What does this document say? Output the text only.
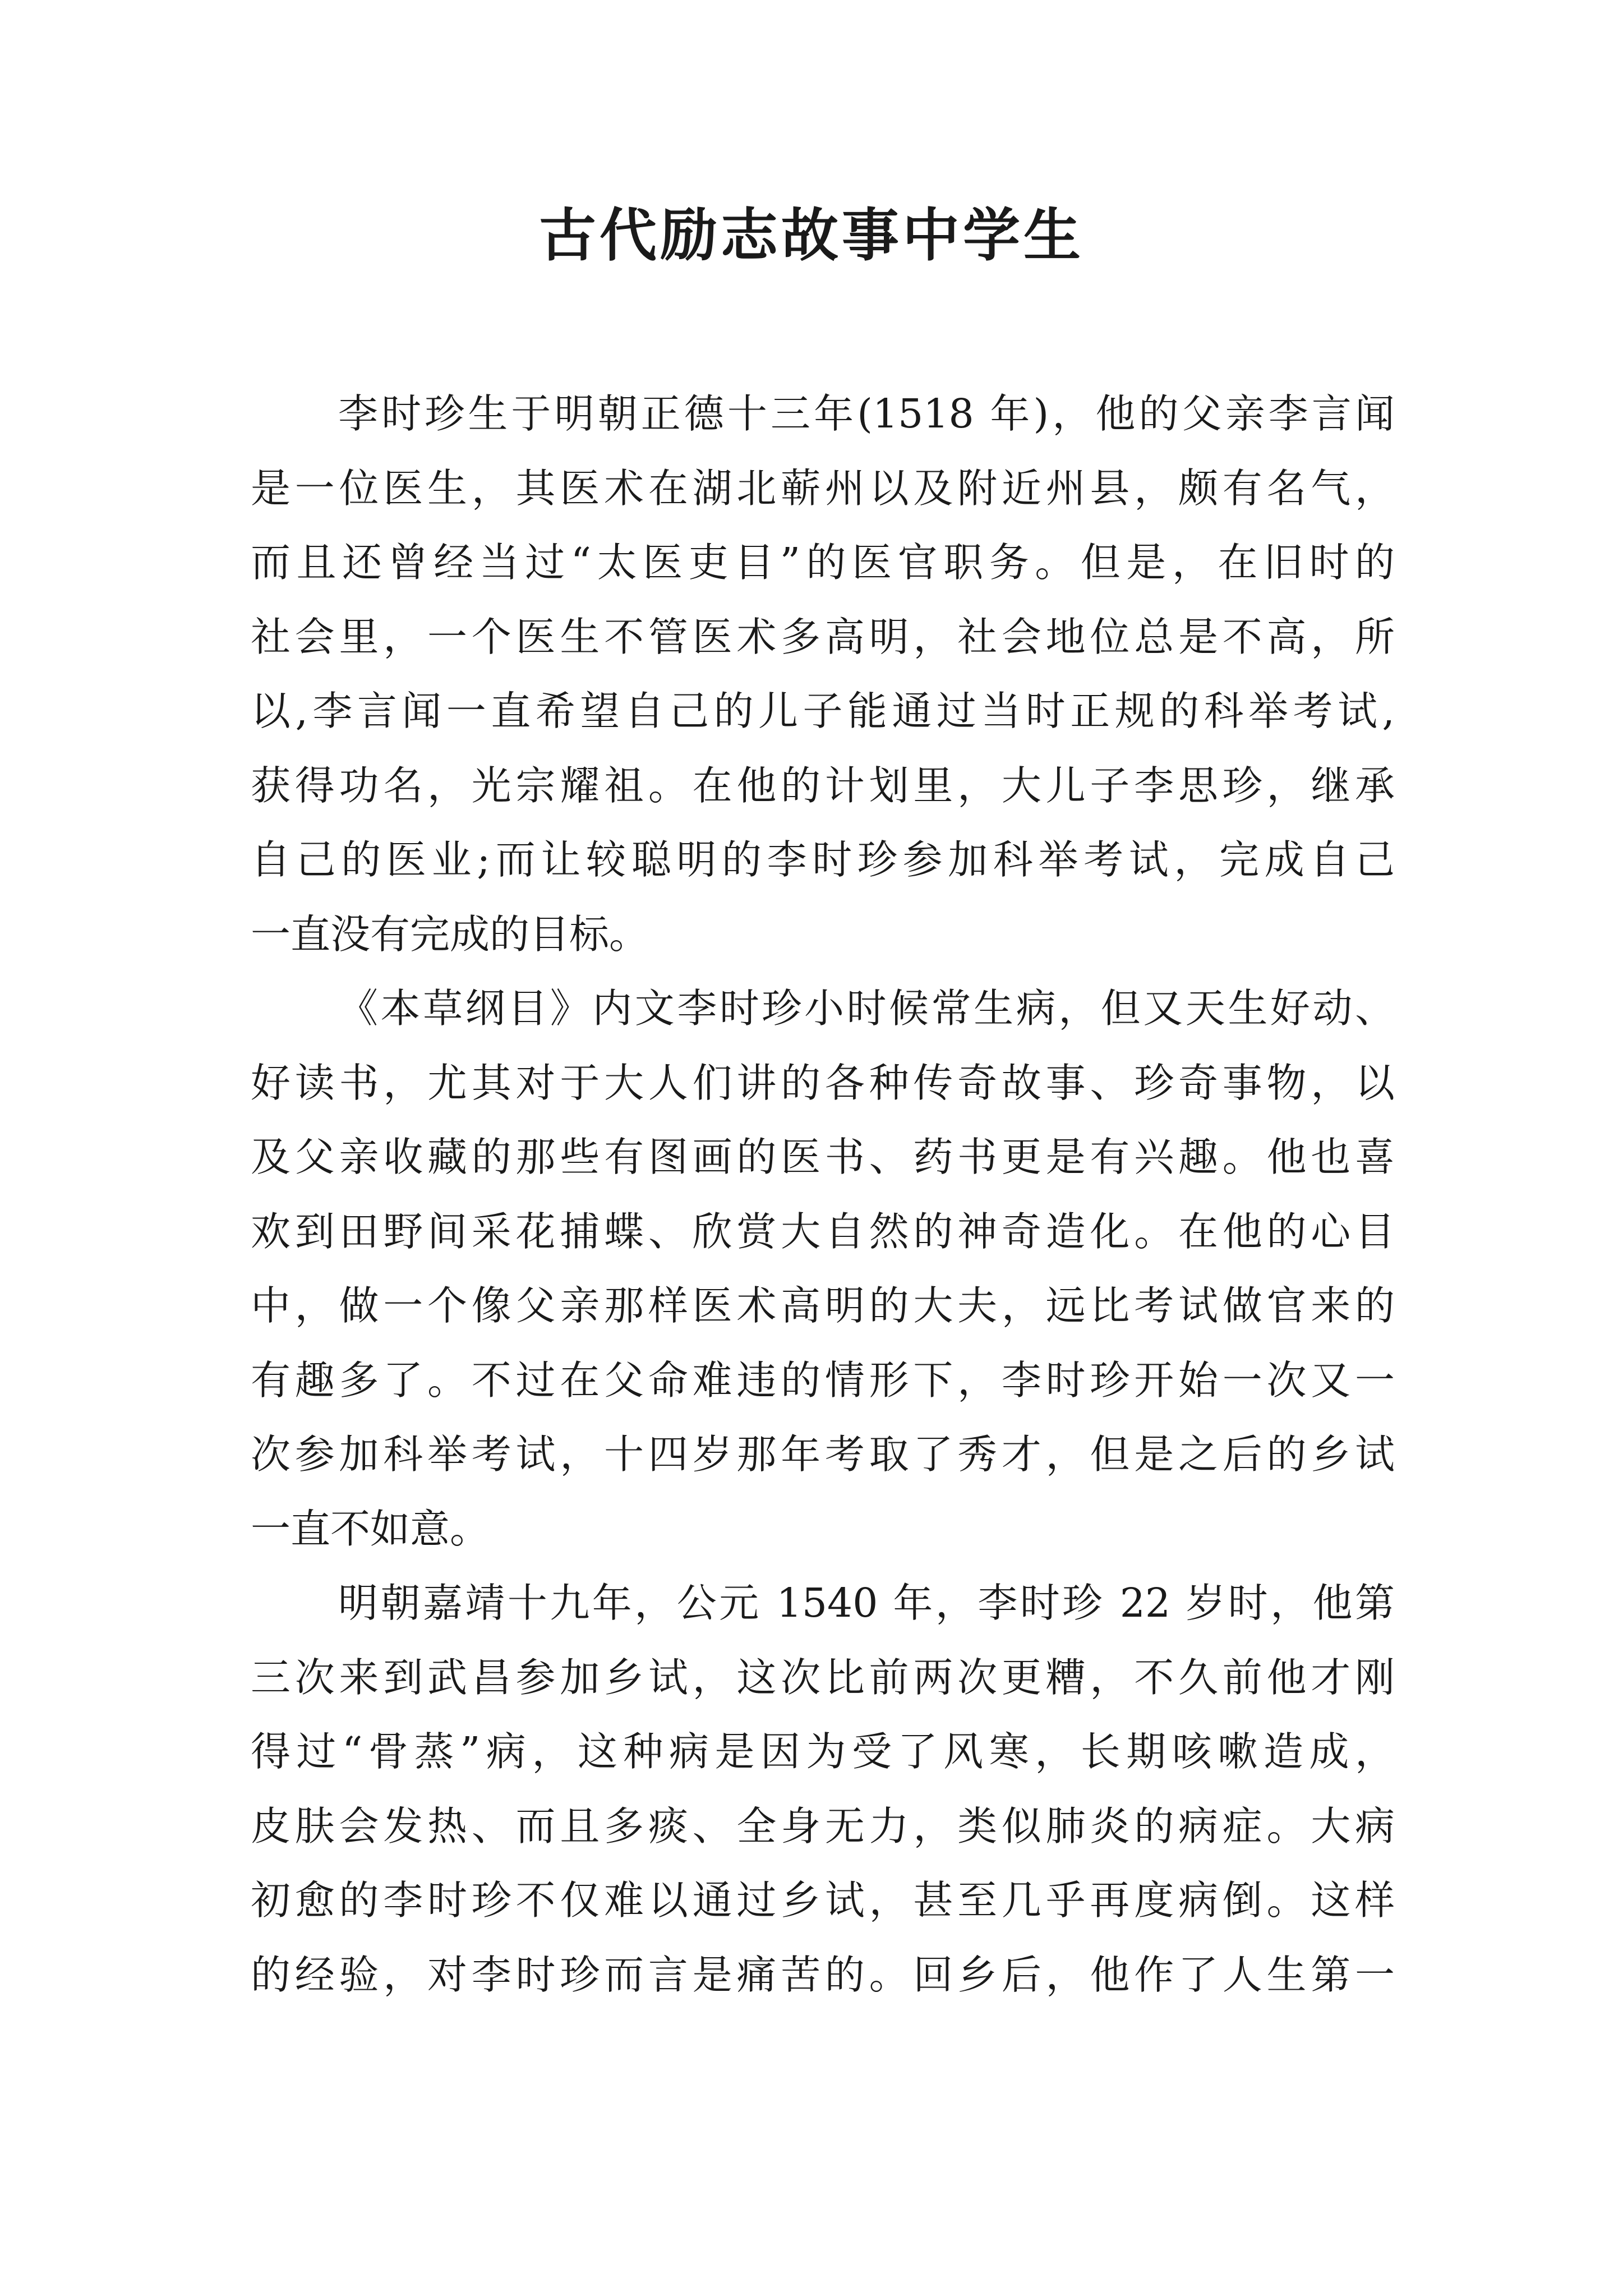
古代励志故事中学生
李时珍生于明朝正德十三年(1518 年)，他的父亲李言闻
是一位医生，其医术在湖北蕲州以及附近州县，颇有名气，
而且还曾经当过“太医吏目”的医官职务。但是，在旧时的
社会里，一个医生不管医术多高明，社会地位总是不高，所
以,李言闻一直希望自己的儿子能通过当时正规的科举考试,
获得功名，光宗耀祖。在他的计划里，大儿子李思珍，继承
自己的医业;而让较聪明的李时珍参加科举考试，完成自己
一直没有完成的目标。
《本草纲目》内文李时珍小时候常生病，但又天生好动、
好读书，尤其对于大人们讲的各种传奇故事、珍奇事物，以
及父亲收藏的那些有图画的医书、药书更是有兴趣。他也喜
欢到田野间采花捕蝶、欣赏大自然的神奇造化。在他的心目
中，做一个像父亲那样医术高明的大夫，远比考试做官来的
有趣多了。不过在父命难违的情形下，李时珍开始一次又一
次参加科举考试，十四岁那年考取了秀才，但是之后的乡试
一直不如意。
明朝嘉靖十九年，公元 1540 年，李时珍 22 岁时，他第
三次来到武昌参加乡试，这次比前两次更糟，不久前他才刚
得过“骨蒸”病，这种病是因为受了风寒，长期咳嗽造成，
皮肤会发热、而且多痰、全身无力，类似肺炎的病症。大病
初愈的李时珍不仅难以通过乡试，甚至几乎再度病倒。这样
的经验，对李时珍而言是痛苦的。回乡后，他作了人生第一
